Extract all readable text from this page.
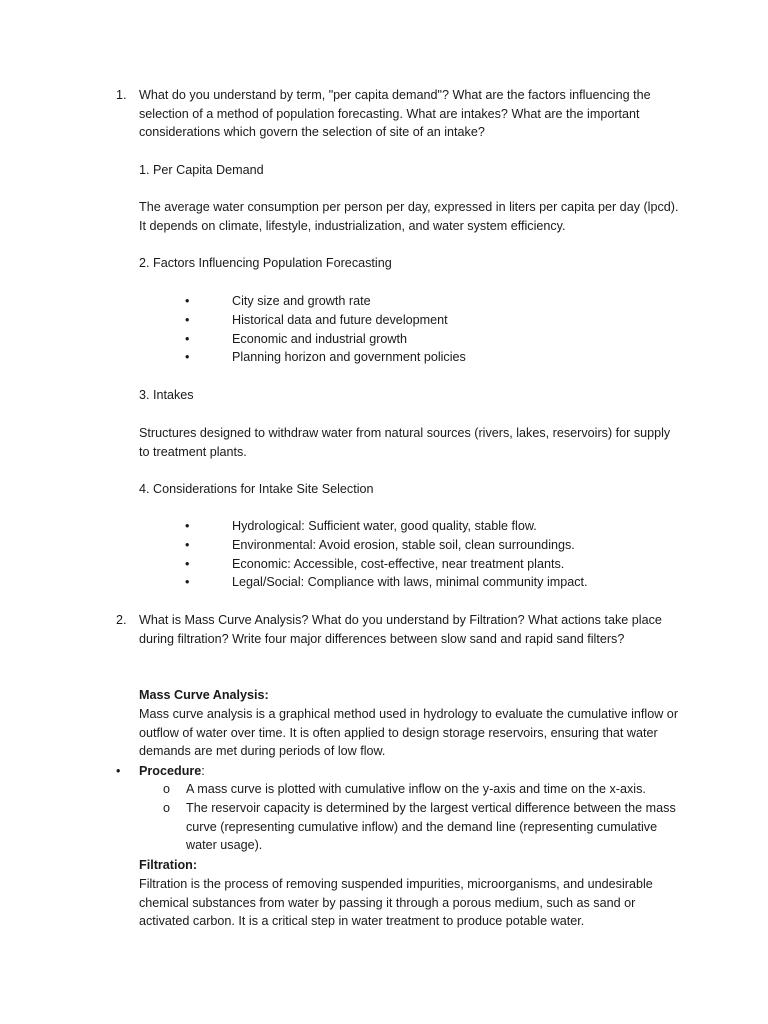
1. What do you understand by term, "per capita demand"? What are the factors influencing the selection of a method of population forecasting. What are intakes? What are the important considerations which govern the selection of site of an intake?
1. Per Capita Demand
The average water consumption per person per day, expressed in liters per capita per day (lpcd). It depends on climate, lifestyle, industrialization, and water system efficiency.
2. Factors Influencing Population Forecasting
•	City size and growth rate
•	Historical data and future development
•	Economic and industrial growth
•	Planning horizon and government policies
3. Intakes
Structures designed to withdraw water from natural sources (rivers, lakes, reservoirs) for supply to treatment plants.
4. Considerations for Intake Site Selection
•	Hydrological: Sufficient water, good quality, stable flow.
•	Environmental: Avoid erosion, stable soil, clean surroundings.
•	Economic: Accessible, cost-effective, near treatment plants.
•	Legal/Social: Compliance with laws, minimal community impact.
2. What is Mass Curve Analysis? What do you understand by Filtration? What actions take place during filtration? Write four major differences between slow sand and rapid sand filters?
Mass Curve Analysis:
Mass curve analysis is a graphical method used in hydrology to evaluate the cumulative inflow or outflow of water over time. It is often applied to design storage reservoirs, ensuring that water demands are met during periods of low flow.
• Procedure:
o A mass curve is plotted with cumulative inflow on the y-axis and time on the x-axis.
o The reservoir capacity is determined by the largest vertical difference between the mass curve (representing cumulative inflow) and the demand line (representing cumulative water usage).
Filtration:
Filtration is the process of removing suspended impurities, microorganisms, and undesirable chemical substances from water by passing it through a porous medium, such as sand or activated carbon. It is a critical step in water treatment to produce potable water.
